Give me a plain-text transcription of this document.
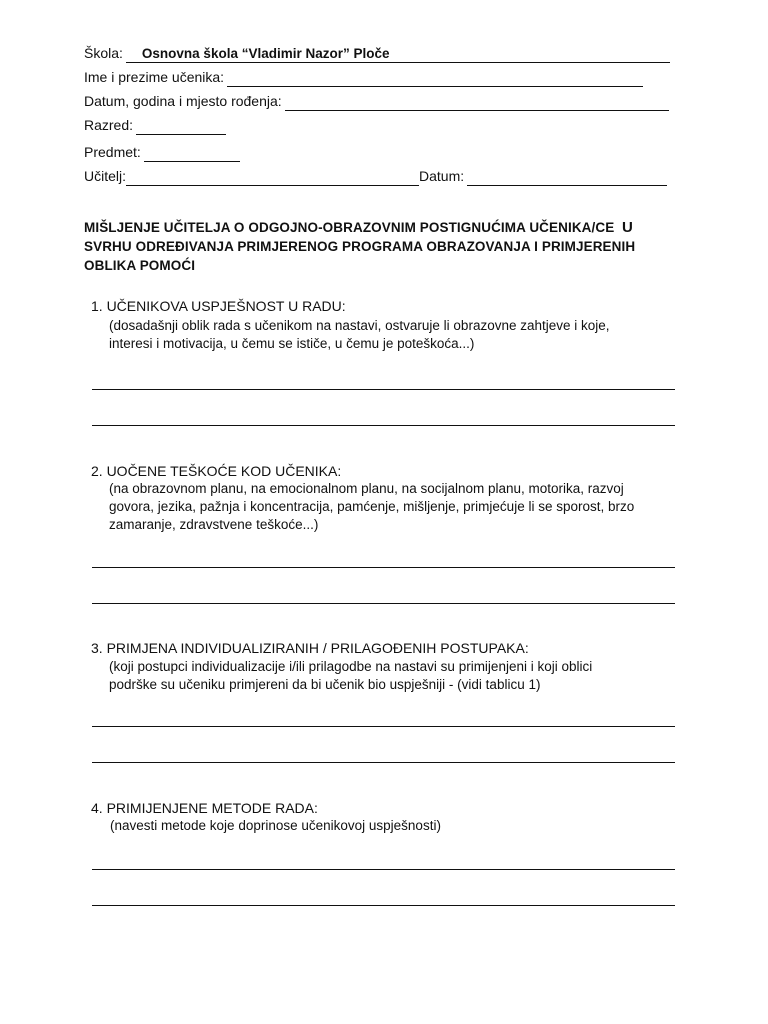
Škola: Osnovna škola “Vladimir Nazor” Ploče
Ime i prezime učenika:
Datum, godina i mjesto rođenja:
Razred:
Predmet:
Učitelj:	Datum:
MIŠLJENJE UČITELJA O ODGOJNO-OBRAZOVNIM POSTIGNUĆIMA UČENIKA/CE U
SVRHU ODREĐIVANJA PRIMJERENOG PROGRAMA OBRAZOVANJA I PRIMJERENIH
OBLIKA POMOĆI
1. UČENIKOVA USPJEŠNOST U RADU:
(dosadašnji oblik rada s učenikom na nastavi, ostvaruje li obrazovne zahtjeve i koje,
interesi i motivacija, u čemu se ističe, u čemu je poteškoća...)
2. UOČENE TEŠKOĆE KOD UČENIKA:
(na obrazovnom planu, na emocionalnom planu, na socijalnom planu, motorika, razvoj
govora, jezika, pažnja i koncentracija, pamćenje, mišljenje, primjećuje li se sporost, brzo
zamaranje, zdravstvene teškoće...)
3. PRIMJENA INDIVIDUALIZIRANIH / PRILAGOĐENIH POSTUPAKA:
(koji postupci individualizacije i/ili prilagodbe na nastavi su primijenjeni i koji oblici
podrške su učeniku primjereni da bi učenik bio uspješniji - (vidi tablicu 1)
4. PRIMIJENJENE METODE RADA:
(navesti metode koje doprinose učenikovoj uspješnosti)
